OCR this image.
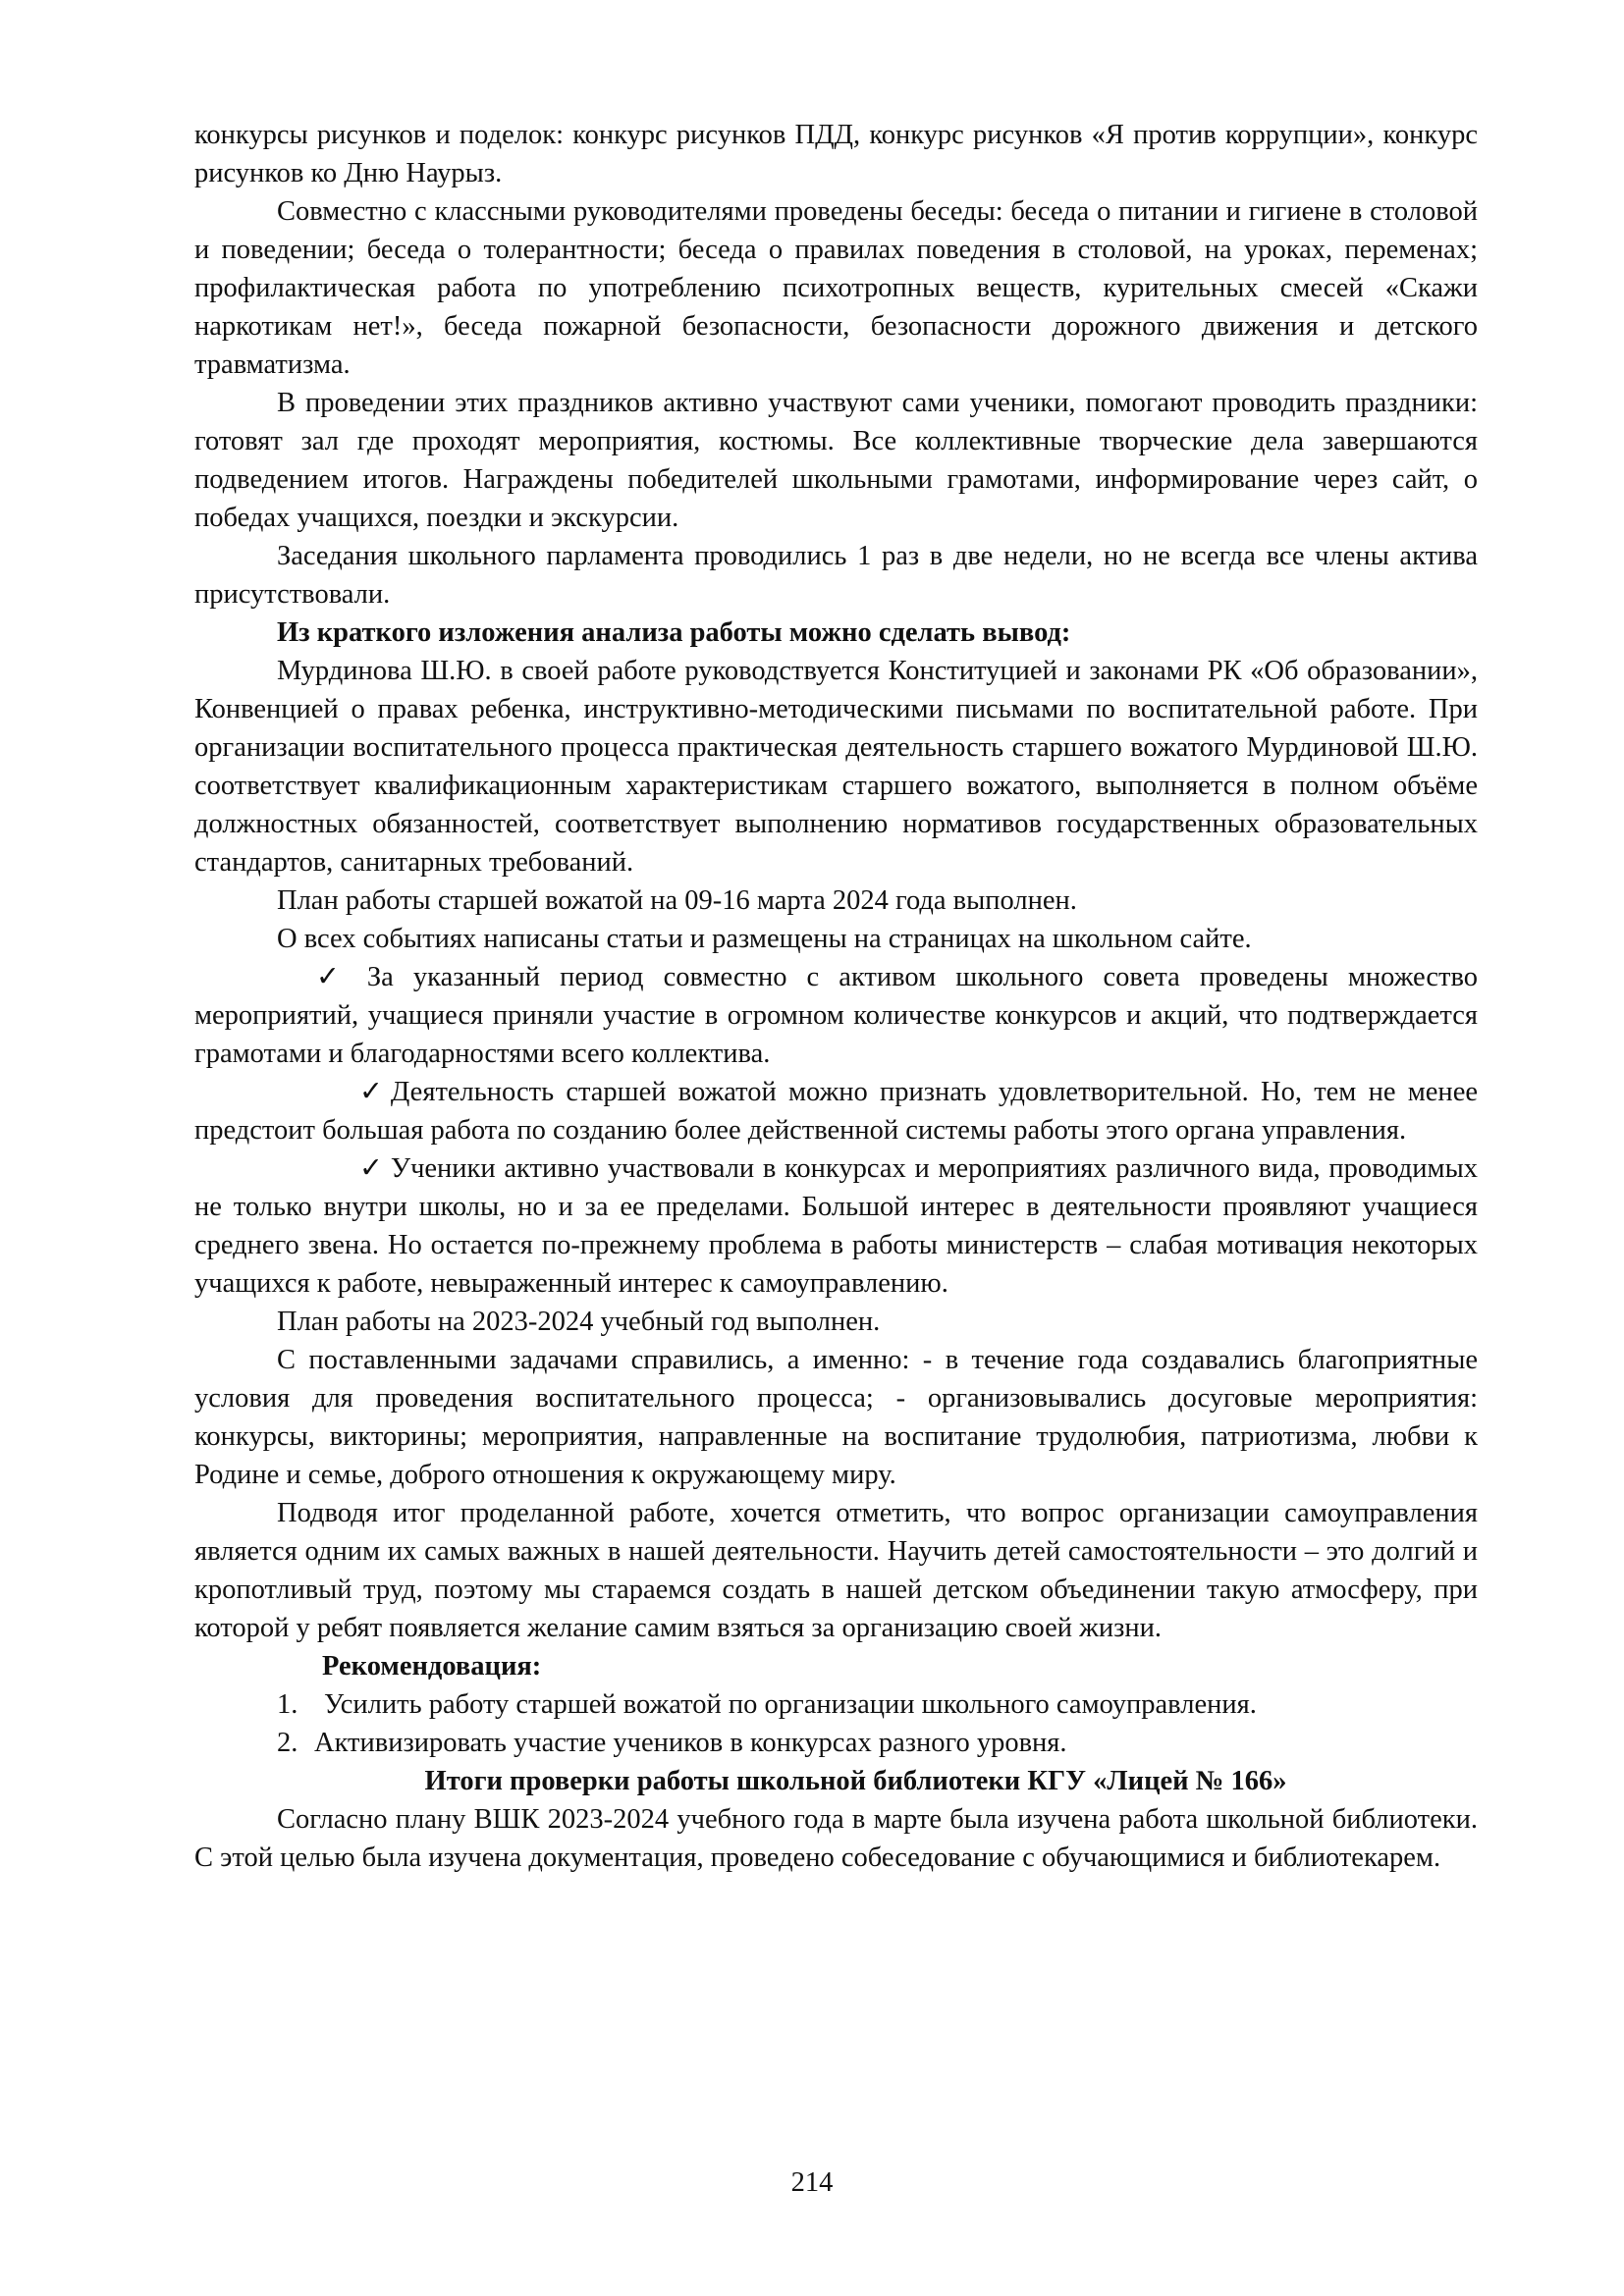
конкурсы рисунков и поделок: конкурс рисунков ПДД, конкурс рисунков «Я против коррупции», конкурс рисунков ко Дню Наурыз.

Совместно с классными руководителями проведены беседы: беседа о питании и гигиене в столовой и поведении; беседа о толерантности; беседа о правилах поведения в столовой, на уроках, переменах; профилактическая работа по употреблению психотропных веществ, курительных смесей «Скажи наркотикам нет!», беседа пожарной безопасности, безопасности дорожного движения и детского травматизма.

В проведении этих праздников активно участвуют сами ученики, помогают проводить праздники: готовят зал где проходят мероприятия, костюмы. Все коллективные творческие дела завершаются подведением итогов. Награждены победителей школьными грамотами, информирование через сайт, о победах учащихся, поездки и экскурсии.

Заседания школьного парламента проводились 1 раз в две недели, но не всегда все члены актива присутствовали.

Из краткого изложения анализа работы можно сделать вывод:

Мурдинова Ш.Ю. в своей работе руководствуется Конституцией и законами РК «Об образовании», Конвенцией о правах ребенка, инструктивно-методическими письмами по воспитательной работе. При организации воспитательного процесса практическая деятельность старшего вожатого Мурдиновой Ш.Ю. соответствует квалификационным характеристикам старшего вожатого, выполняется в полном объёме должностных обязанностей, соответствует выполнению нормативов государственных образовательных стандартов, санитарных требований.

План работы старшей вожатой на 09-16 марта 2024 года выполнен.

О всех событиях написаны статьи и размещены на страницах на школьном сайте.

✓ За указанный период совместно с активом школьного совета проведены множество мероприятий, учащиеся приняли участие в огромном количестве конкурсов и акций, что подтверждается грамотами и благодарностями всего коллектива.

✓ Деятельность старшей вожатой можно признать удовлетворительной. Но, тем не менее предстоит большая работа по созданию более действенной системы работы этого органа управления.

✓ Ученики активно участвовали в конкурсах и мероприятиях различного вида, проводимых не только внутри школы, но и за ее пределами. Большой интерес в деятельности проявляют учащиеся среднего звена. Но остается по-прежнему проблема в работы министерств – слабая мотивация некоторых учащихся к работе, невыраженный интерес к самоуправлению.

План работы на 2023-2024 учебный год выполнен.

С поставленными задачами справились, а именно: - в течение года создавались благоприятные условия для проведения воспитательного процесса; - организовывались досуговые мероприятия: конкурсы, викторины; мероприятия, направленные на воспитание трудолюбия, патриотизма, любви к Родине и семье, доброго отношения к окружающему миру.

Подводя итог проделанной работе, хочется отметить, что вопрос организации самоуправления является одним их самых важных в нашей деятельности. Научить детей самостоятельности – это долгий и кропотливый труд, поэтому мы стараемся создать в нашей детском объединении такую атмосферу, при которой у ребят появляется желание самим взяться за организацию своей жизни.

Рекомендовация:

1. Усилить работу старшей вожатой по организации школьного самоуправления.
2. Активизировать участие учеников в конкурсах разного уровня.

Итоги проверки работы школьной библиотеки КГУ «Лицей № 166»

Согласно плану ВШК 2023-2024 учебного года в марте была изучена работа школьной библиотеки. С этой целью была изучена документация, проведено собеседование с обучающимися и библиотекарем.

214
